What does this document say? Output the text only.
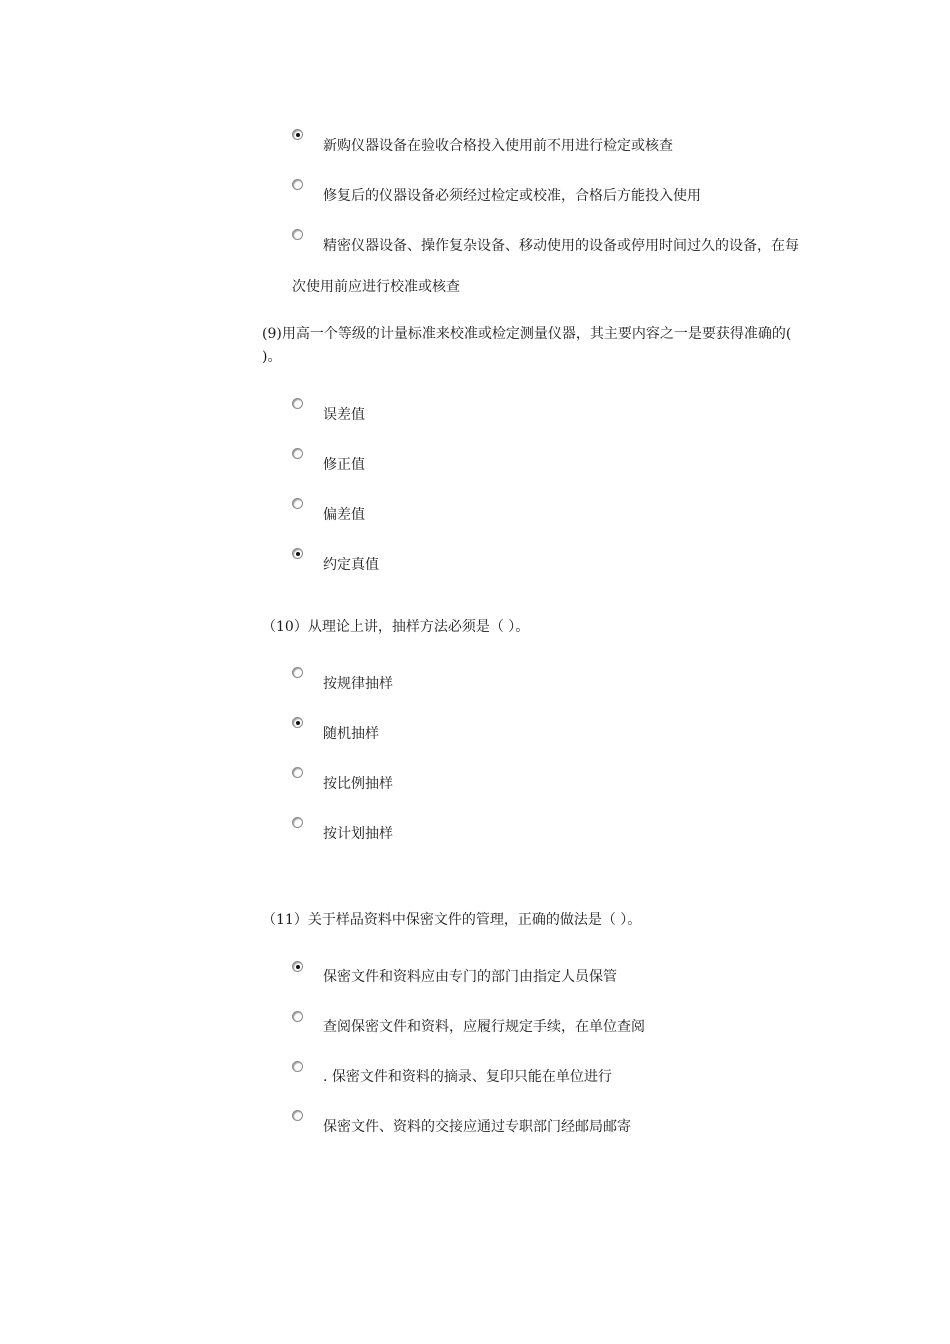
新购仪器设备在验收合格投入使用前不用进行检定或核查
修复后的仪器设备必须经过检定或校准，合格后方能投入使用
精密仪器设备、操作复杂设备、移动使用的设备或停用时间过久的设备，在每
次使用前应进行校准或核查
(9)用高一个等级的计量标准来校准或检定测量仪器，其主要内容之一是要获得准确的(
)。
误差值
修正值
偏差值
约定真值
（10）从理论上讲，抽样方法必须是（ ）。
按规律抽样
随机抽样
按比例抽样
按计划抽样
（11）关于样品资料中保密文件的管理，正确的做法是（ ）。
保密文件和资料应由专门的部门由指定人员保管
查阅保密文件和资料，应履行规定手续，在单位查阅
. 保密文件和资料的摘录、复印只能在单位进行
保密文件、资料的交接应通过专职部门经邮局邮寄
